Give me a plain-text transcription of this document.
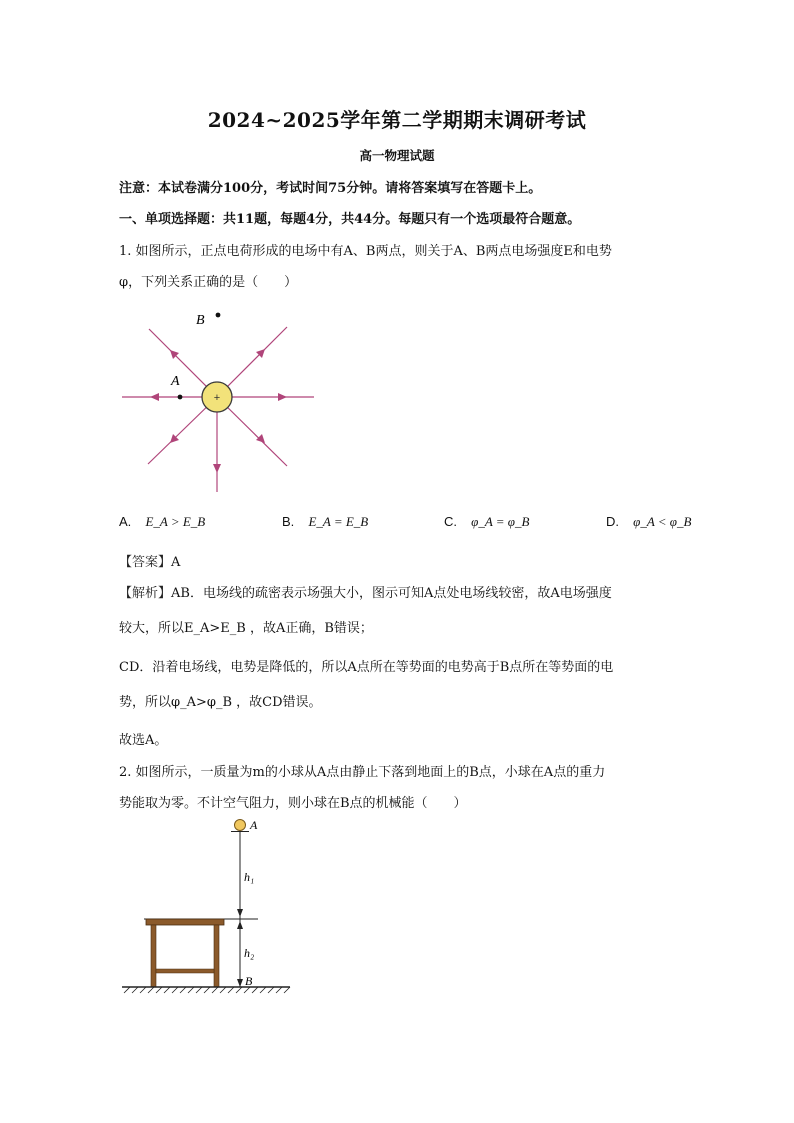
2024~2025学年第二学期期末调研考试
高一物理试题
注意：本试卷满分100分，考试时间75分钟。请将答案填写在答题卡上。
一、单项选择题：共11题，每题4分，共44分。每题只有一个选项最符合题意。
1. 如图所示，正点电荷形成的电场中有A、B两点，则关于A、B两点电场强度E和电势
φ，下列关系正确的是（　　）
+
B
A
A. E_A > E_B	B. E_A = E_B	C. φ_A = φ_B	D. φ_A < φ_B
【答案】A
【解析】AB．电场线的疏密表示场强大小，图示可知A点处电场线较密，故A电场强度
较大，所以E_A>E_B ，故A正确，B错误；
CD．沿着电场线，电势是降低的，所以A点所在等势面的电势高于B点所在等势面的电
势，所以φ_A>φ_B ，故CD错误。
故选A。
2. 如图所示，一质量为m的小球从A点由静止下落到地面上的B点，小球在A点的重力
势能取为零。不计空气阻力，则小球在B点的机械能（　　）
A
h₁
h₂
B
